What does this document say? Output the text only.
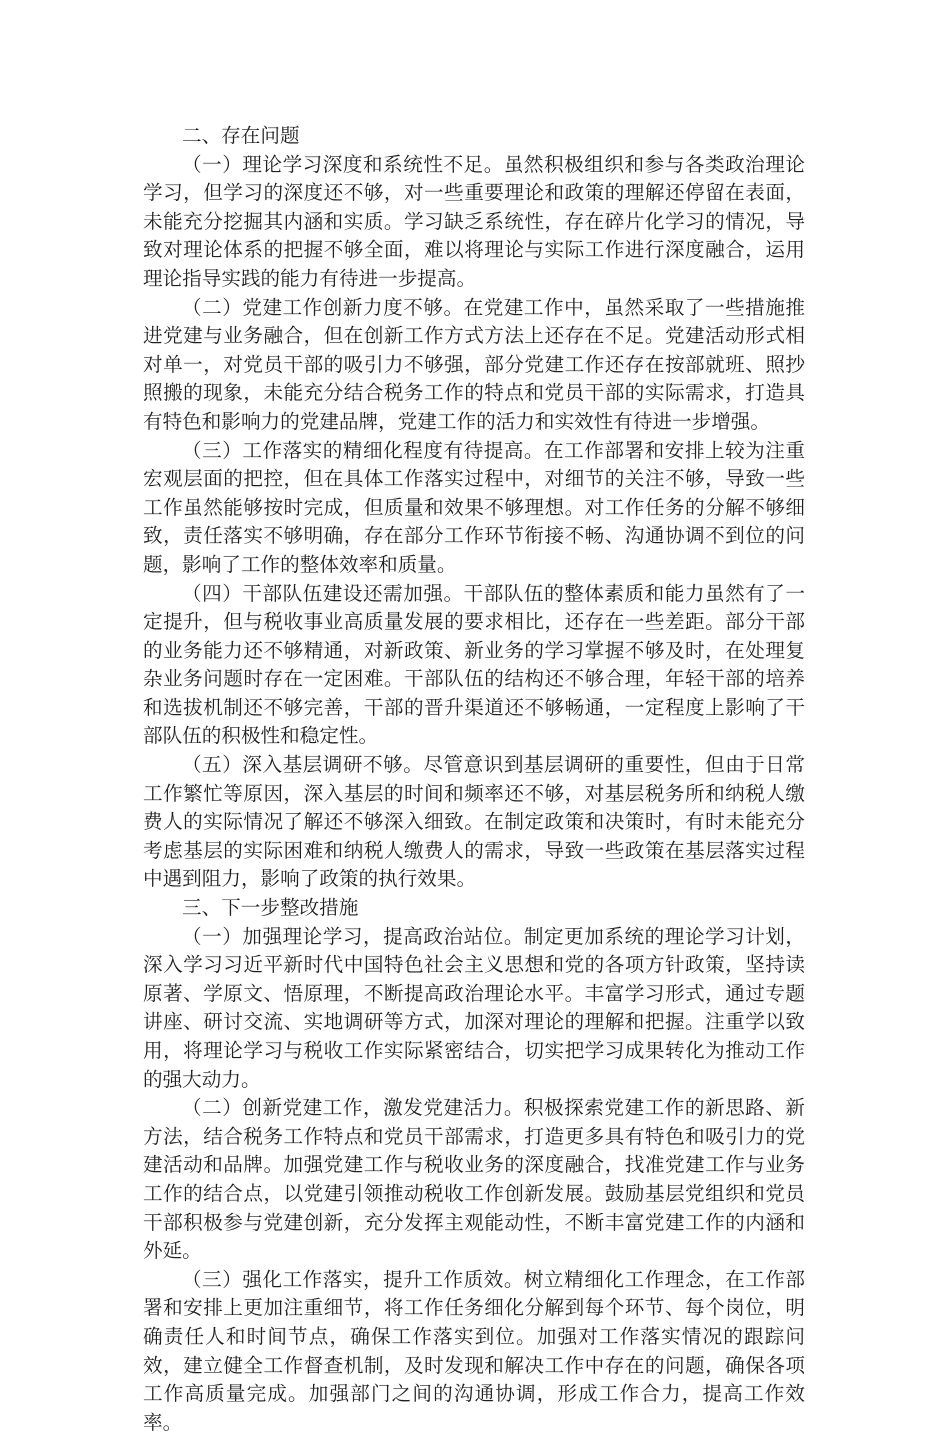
二、存在问题

（一）理论学习深度和系统性不足。虽然积极组织和参与各类政治理论学习，但学习的深度还不够，对一些重要理论和政策的理解还停留在表面，未能充分挖掘其内涵和实质。学习缺乏系统性，存在碎片化学习的情况，导致对理论体系的把握不够全面，难以将理论与实际工作进行深度融合，运用理论指导实践的能力有待进一步提高。

（二）党建工作创新力度不够。在党建工作中，虽然采取了一些措施推进党建与业务融合，但在创新工作方式方法上还存在不足。党建活动形式相对单一，对党员干部的吸引力不够强，部分党建工作还存在按部就班、照抄照搬的现象，未能充分结合税务工作的特点和党员干部的实际需求，打造具有特色和影响力的党建品牌，党建工作的活力和实效性有待进一步增强。

（三）工作落实的精细化程度有待提高。在工作部署和安排上较为注重宏观层面的把控，但在具体工作落实过程中，对细节的关注不够，导致一些工作虽然能够按时完成，但质量和效果不够理想。对工作任务的分解不够细致，责任落实不够明确，存在部分工作环节衔接不畅、沟通协调不到位的问题，影响了工作的整体效率和质量。

（四）干部队伍建设还需加强。干部队伍的整体素质和能力虽然有了一定提升，但与税收事业高质量发展的要求相比，还存在一些差距。部分干部的业务能力还不够精通，对新政策、新业务的学习掌握不够及时，在处理复杂业务问题时存在一定困难。干部队伍的结构还不够合理，年轻干部的培养和选拔机制还不够完善，干部的晋升渠道还不够畅通，一定程度上影响了干部队伍的积极性和稳定性。

（五）深入基层调研不够。尽管意识到基层调研的重要性，但由于日常工作繁忙等原因，深入基层的时间和频率还不够，对基层税务所和纳税人缴费人的实际情况了解还不够深入细致。在制定政策和决策时，有时未能充分考虑基层的实际困难和纳税人缴费人的需求，导致一些政策在基层落实过程中遇到阻力，影响了政策的执行效果。

三、下一步整改措施

（一）加强理论学习，提高政治站位。制定更加系统的理论学习计划，深入学习习近平新时代中国特色社会主义思想和党的各项方针政策，坚持读原著、学原文、悟原理，不断提高政治理论水平。丰富学习形式，通过专题讲座、研讨交流、实地调研等方式，加深对理论的理解和把握。注重学以致用，将理论学习与税收工作实际紧密结合，切实把学习成果转化为推动工作的强大动力。

（二）创新党建工作，激发党建活力。积极探索党建工作的新思路、新方法，结合税务工作特点和党员干部需求，打造更多具有特色和吸引力的党建活动和品牌。加强党建工作与税收业务的深度融合，找准党建工作与业务工作的结合点，以党建引领推动税收工作创新发展。鼓励基层党组织和党员干部积极参与党建创新，充分发挥主观能动性，不断丰富党建工作的内涵和外延。

（三）强化工作落实，提升工作质效。树立精细化工作理念，在工作部署和安排上更加注重细节，将工作任务细化分解到每个环节、每个岗位，明确责任人和时间节点，确保工作落实到位。加强对工作落实情况的跟踪问效，建立健全工作督查机制，及时发现和解决工作中存在的问题，确保各项工作高质量完成。加强部门之间的沟通协调，形成工作合力，提高工作效率。
